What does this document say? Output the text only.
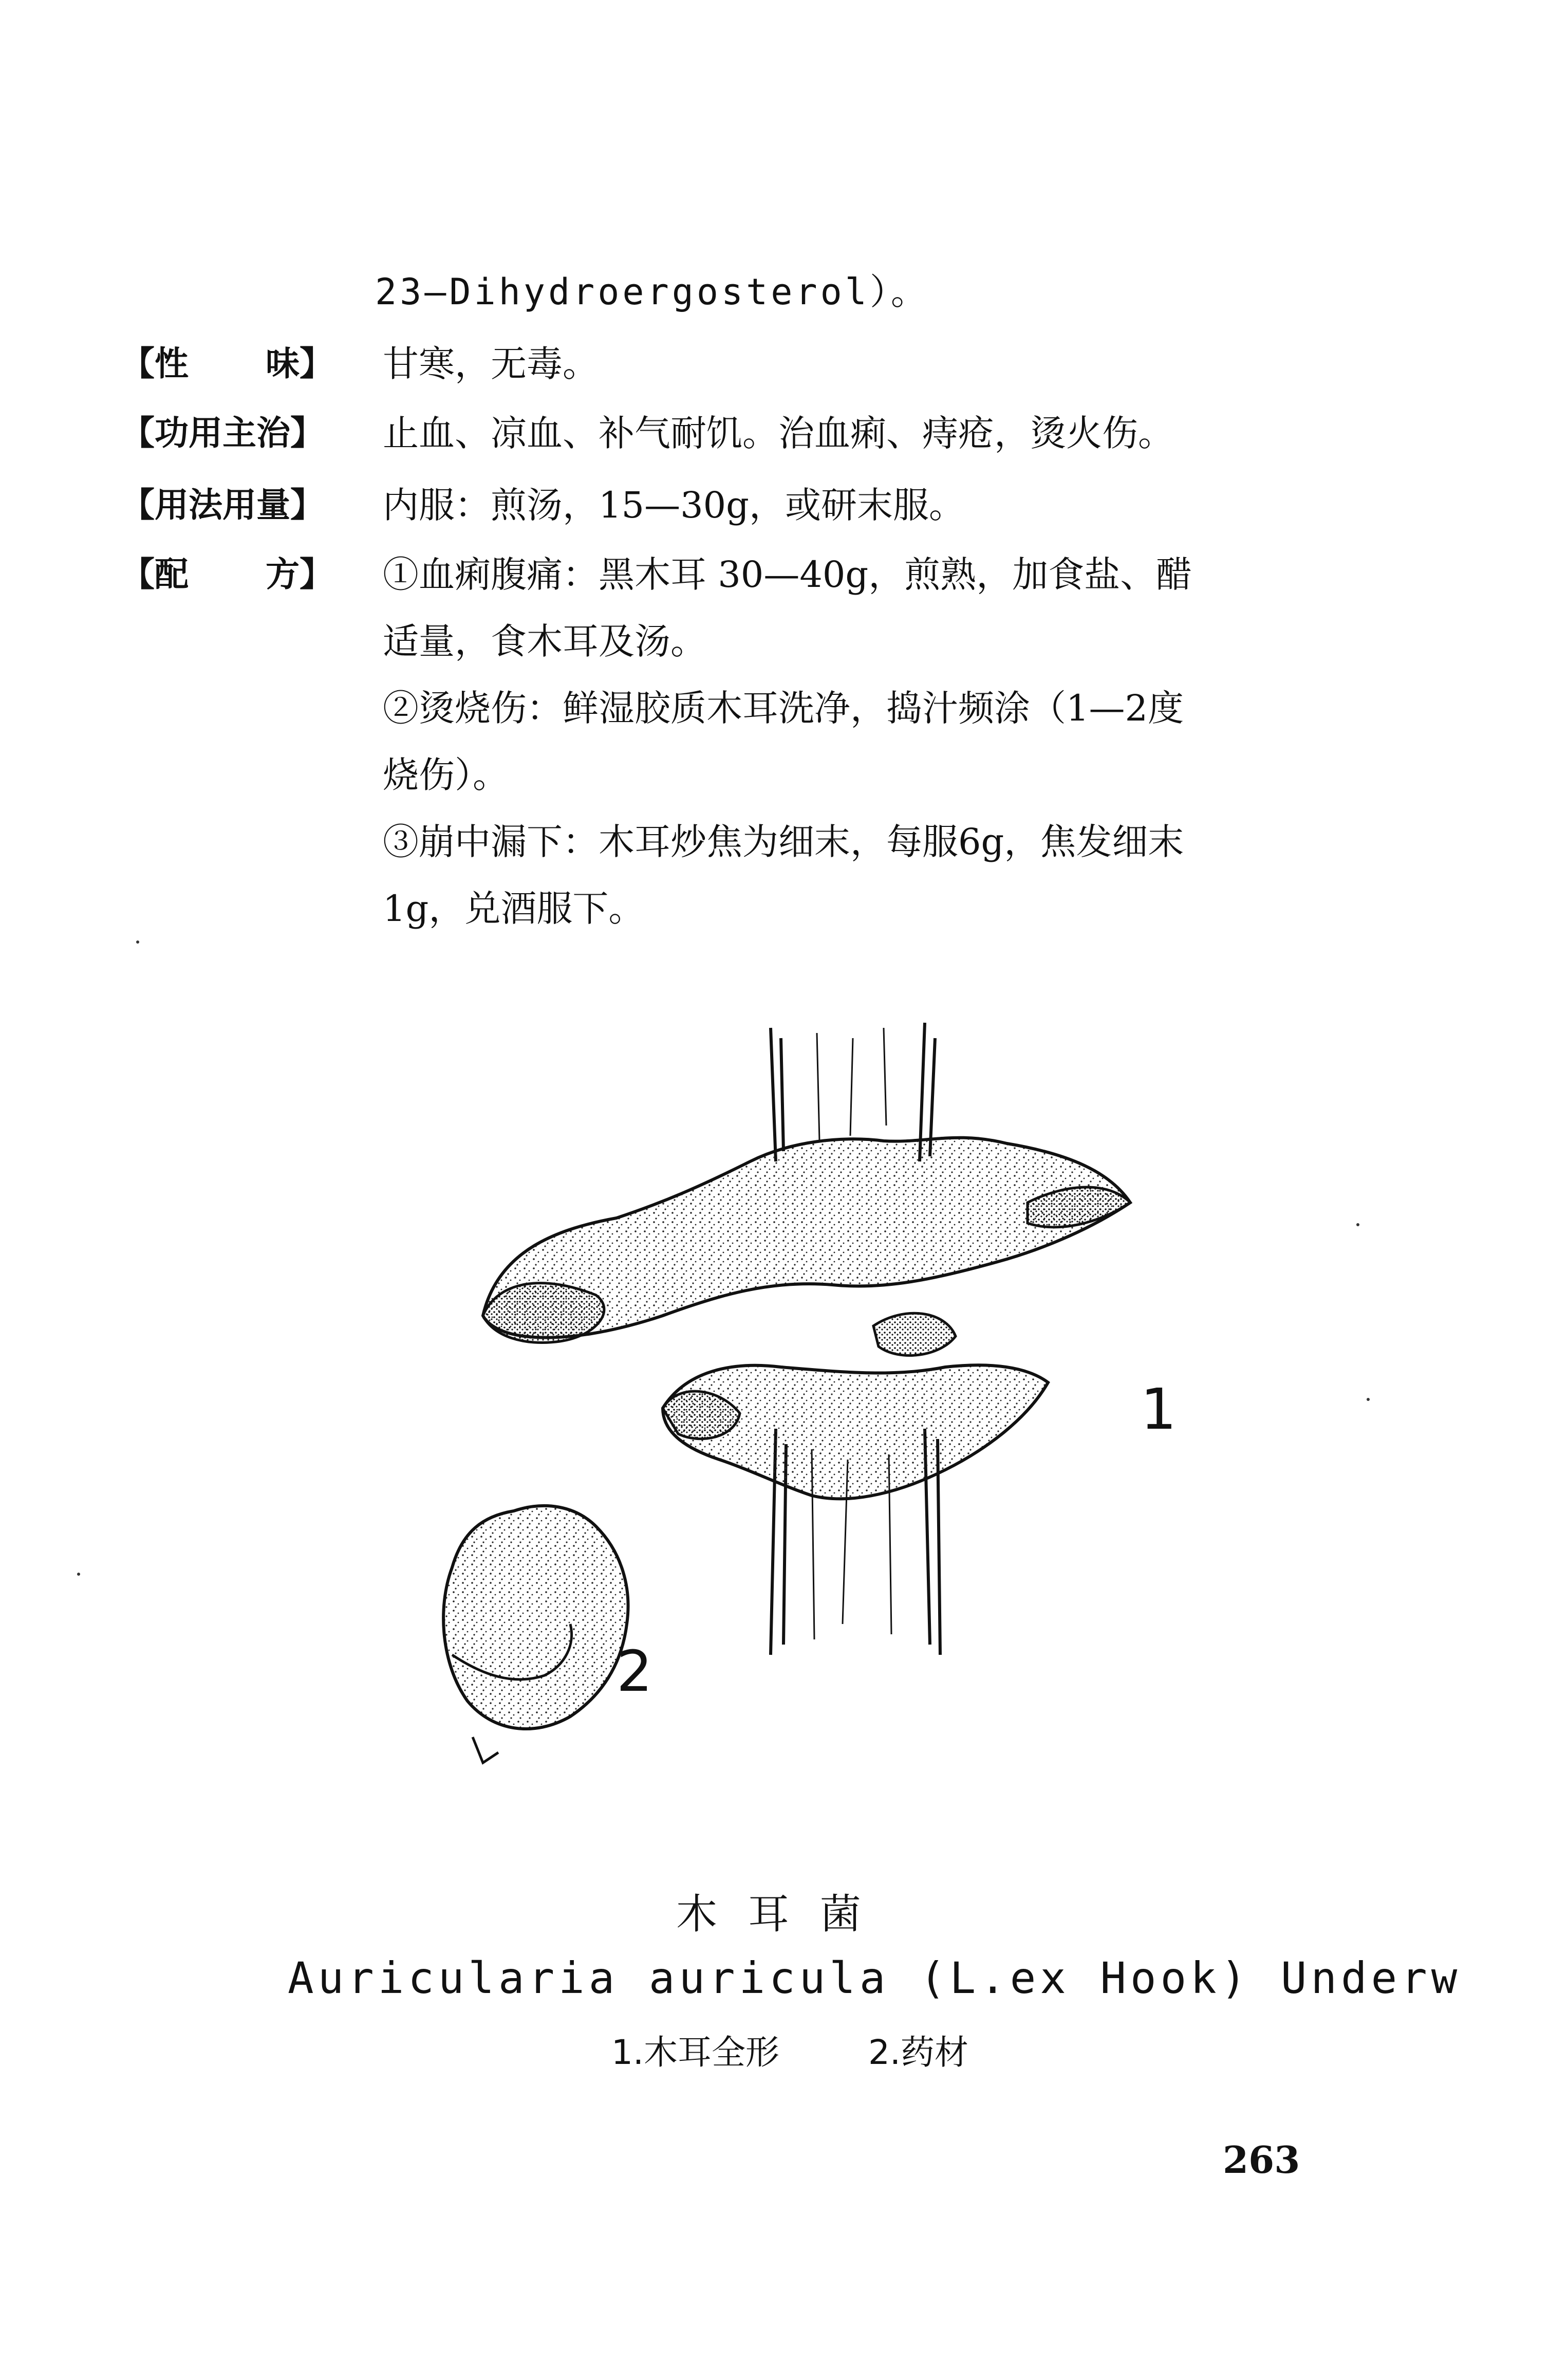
23—Dihydroergosterol）。
【性 味】 甘寒，无毒。
【功用主治】 止血、凉血、补气耐饥。治血痢、痔疮，烫火伤。
【用法用量】 内服：煎汤，15—30g，或研末服。
【配 方】 ①血痢腹痛：黑木耳 30—40g，煎熟，加食盐、醋
适量，食木耳及汤。
②烫烧伤：鲜湿胶质木耳洗净，捣汁频涂（1—2度
烧伤）。
③崩中漏下：木耳炒焦为细末，每服6g，焦发细末
1g，兑酒服下。
1
2
木耳菌
Auricularia auricula (L.ex Hook) Underw
1.木耳全形	2.药材
263
